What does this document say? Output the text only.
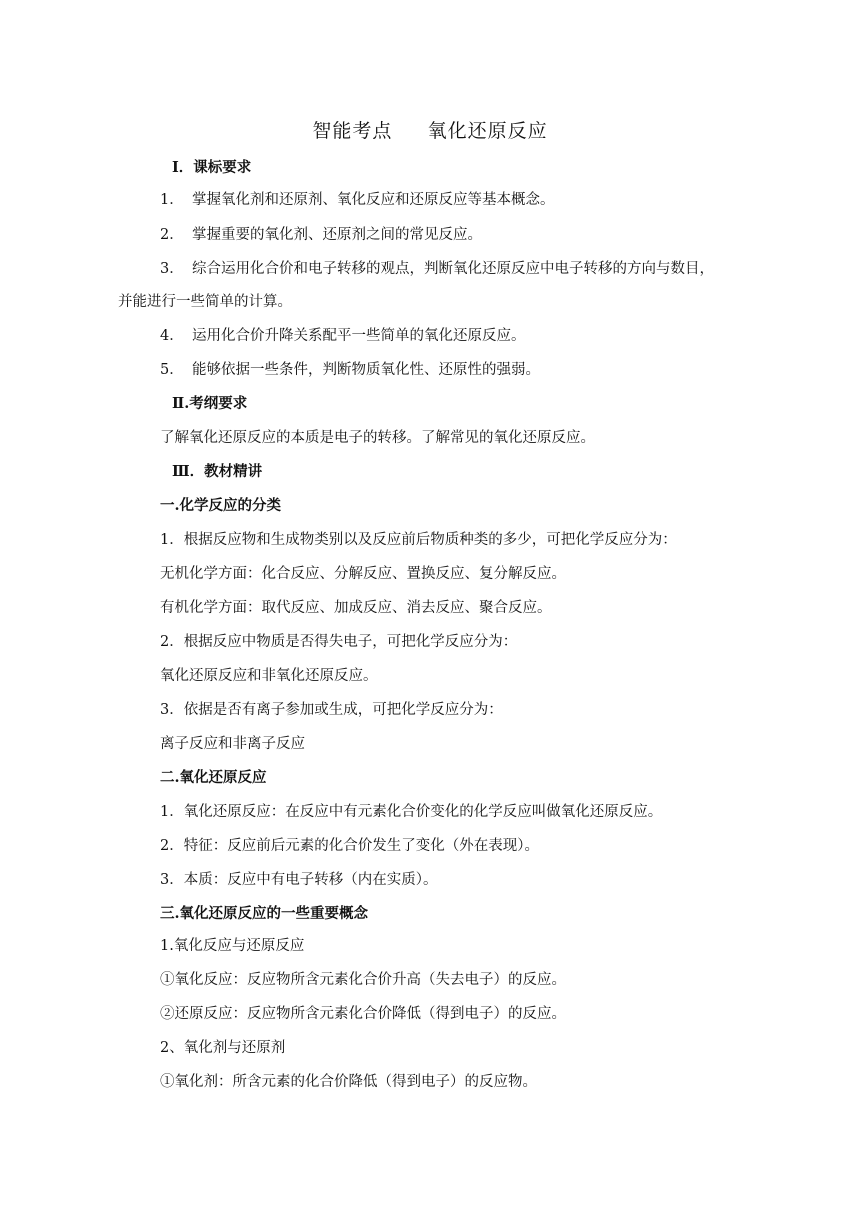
智能考点     氧化还原反应
Ⅰ．课标要求
1． 掌握氧化剂和还原剂、氧化反应和还原反应等基本概念。
2． 掌握重要的氧化剂、还原剂之间的常见反应。
3． 综合运用化合价和电子转移的观点，判断氧化还原反应中电子转移的方向与数目，
并能进行一些简单的计算。
4． 运用化合价升降关系配平一些简单的氧化还原反应。
5． 能够依据一些条件，判断物质氧化性、还原性的强弱。
Ⅱ.考纲要求
了解氧化还原反应的本质是电子的转移。了解常见的氧化还原反应。
Ⅲ．教材精讲
一.化学反应的分类
1．根据反应物和生成物类别以及反应前后物质种类的多少，可把化学反应分为：
无机化学方面：化合反应、分解反应、置换反应、复分解反应。
有机化学方面：取代反应、加成反应、消去反应、聚合反应。
2．根据反应中物质是否得失电子，可把化学反应分为：
氧化还原反应和非氧化还原反应。
3．依据是否有离子参加或生成，可把化学反应分为：
离子反应和非离子反应
二.氧化还原反应
1．氧化还原反应：在反应中有元素化合价变化的化学反应叫做氧化还原反应。
2．特征：反应前后元素的化合价发生了变化（外在表现）。
3．本质：反应中有电子转移（内在实质）。
三.氧化还原反应的一些重要概念
1.氧化反应与还原反应
①氧化反应：反应物所含元素化合价升高（失去电子）的反应。
②还原反应：反应物所含元素化合价降低（得到电子）的反应。
2、氧化剂与还原剂
①氧化剂：所含元素的化合价降低（得到电子）的反应物。
